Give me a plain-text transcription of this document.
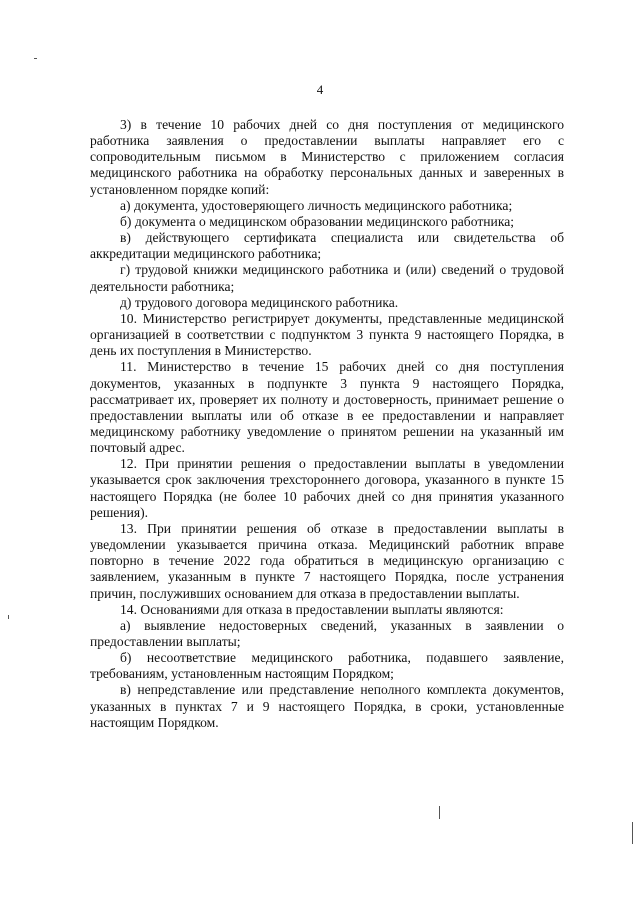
4

3) в течение 10 рабочих дней со дня поступления от медицинского работника заявления о предоставлении выплаты направляет его с сопроводительным письмом в Министерство с приложением согласия медицинского работника на обработку персональных данных и заверенных в установленном порядке копий:

а) документа, удостоверяющего личность медицинского работника;

б) документа о медицинском образовании медицинского работника;

в) действующего сертификата специалиста или свидетельства об аккредитации медицинского работника;

г) трудовой книжки медицинского работника и (или) сведений о трудовой деятельности работника;

д) трудового договора медицинского работника.

10. Министерство регистрирует документы, представленные медицинской организацией в соответствии с подпунктом 3 пункта 9 настоящего Порядка, в день их поступления в Министерство.

11. Министерство в течение 15 рабочих дней со дня поступления документов, указанных в подпункте 3 пункта 9 настоящего Порядка, рассматривает их, проверяет их полноту и достоверность, принимает решение о предоставлении выплаты или об отказе в ее предоставлении и направляет медицинскому работнику уведомление о принятом решении на указанный им почтовый адрес.

12. При принятии решения о предоставлении выплаты в уведомлении указывается срок заключения трехстороннего договора, указанного в пункте 15 настоящего Порядка (не более 10 рабочих дней со дня принятия указанного решения).

13. При принятии решения об отказе в предоставлении выплаты в уведомлении указывается причина отказа. Медицинский работник вправе повторно в течение 2022 года обратиться в медицинскую организацию с заявлением, указанным в пункте 7 настоящего Порядка, после устранения причин, послуживших основанием для отказа в предоставлении выплаты.

14. Основаниями для отказа в предоставлении выплаты являются:

а) выявление недостоверных сведений, указанных в заявлении о предоставлении выплаты;

б) несоответствие медицинского работника, подавшего заявление, требованиям, установленным настоящим Порядком;

в) непредставление или представление неполного комплекта документов, указанных в пунктах 7 и 9 настоящего Порядка, в сроки, установленные настоящим Порядком.
